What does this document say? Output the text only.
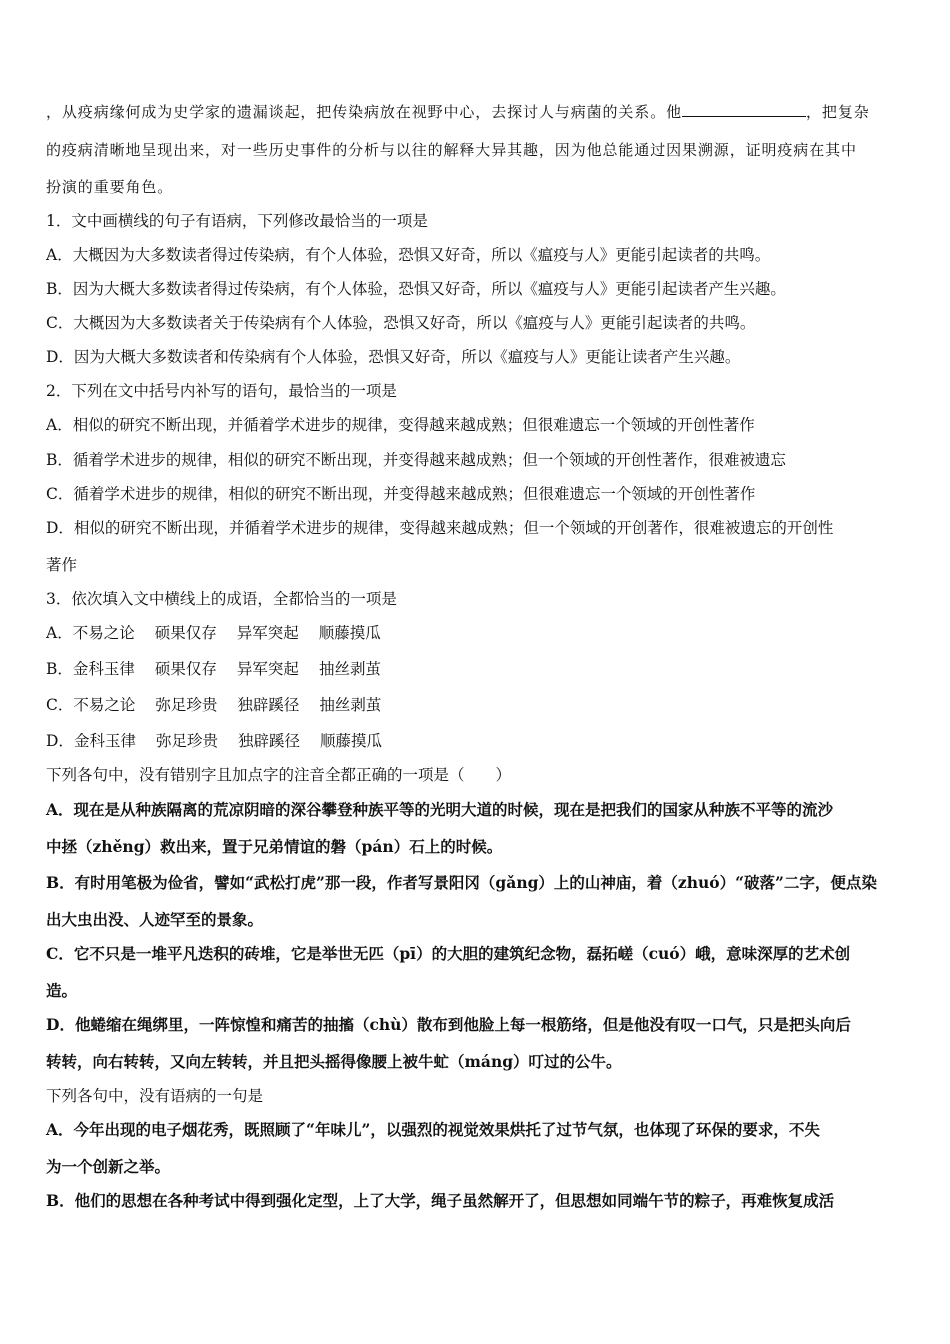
，从疫病缘何成为史学家的遗漏谈起，把传染病放在视野中心，去探讨人与病菌的关系。他	，把复杂
的疫病清晰地呈现出来，对一些历史事件的分析与以往的解释大异其趣，因为他总能通过因果溯源，证明疫病在其中
扮演的重要角色。
1．文中画横线的句子有语病，下列修改最恰当的一项是
A．大概因为大多数读者得过传染病，有个人体验，恐惧又好奇，所以《瘟疫与人》更能引起读者的共鸣。
B．因为大概大多数读者得过传染病，有个人体验，恐惧又好奇，所以《瘟疫与人》更能引起读者产生兴趣。
C．大概因为大多数读者关于传染病有个人体验，恐惧又好奇，所以《瘟疫与人》更能引起读者的共鸣。
D．因为大概大多数读者和传染病有个人体验，恐惧又好奇，所以《瘟疫与人》更能让读者产生兴趣。
2．下列在文中括号内补写的语句，最恰当的一项是
A．相似的研究不断出现，并循着学术进步的规律，变得越来越成熟；但很难遗忘一个领域的开创性著作
B．循着学术进步的规律，相似的研究不断出现，并变得越来越成熟；但一个领域的开创性著作，很难被遗忘
C．循着学术进步的规律，相似的研究不断出现，并变得越来越成熟；但很难遗忘一个领域的开创性著作
D．相似的研究不断出现，并循着学术进步的规律，变得越来越成熟；但一个领域的开创著作，很难被遗忘的开创性
著作
3．依次填入文中横线上的成语，全都恰当的一项是
A．不易之论 硕果仅存 异军突起 顺藤摸瓜
B．金科玉律 硕果仅存 异军突起 抽丝剥茧
C．不易之论 弥足珍贵 独辟蹊径 抽丝剥茧
D．金科玉律 弥足珍贵 独辟蹊径 顺藤摸瓜
下列各句中，没有错别字且加点字的注音全都正确的一项是（　　）
A．现在是从种族隔离的荒凉阴暗的深谷攀登种族平等的光明大道的时候，现在是把我们的国家从种族不平等的流沙
中拯（zhěng）救出来，置于兄弟情谊的磐（pán）石上的时候。
B．有时用笔极为俭省，譬如“武松打虎”那一段，作者写景阳冈（gǎng）上的山神庙，着（zhuó）“破落”二字，便点染
出大虫出没、人迹罕至的景象。
C．它不只是一堆平凡迭积的砖堆，它是举世无匹（pī）的大胆的建筑纪念物，磊拓嵯（cuó）峨，意味深厚的艺术创
造。
D．他蜷缩在绳绑里，一阵惊惶和痛苦的抽搐（chù）散布到他脸上每一根筋络，但是他没有叹一口气，只是把头向后
转转，向右转转，又向左转转，并且把头摇得像腰上被牛虻（máng）叮过的公牛。
下列各句中，没有语病的一句是
A．今年出现的电子烟花秀，既照顾了“年味儿”，以强烈的视觉效果烘托了过节气氛，也体现了环保的要求，不失
为一个创新之举。
B．他们的思想在各种考试中得到强化定型，上了大学，绳子虽然解开了，但思想如同端午节的粽子，再难恢复成活
